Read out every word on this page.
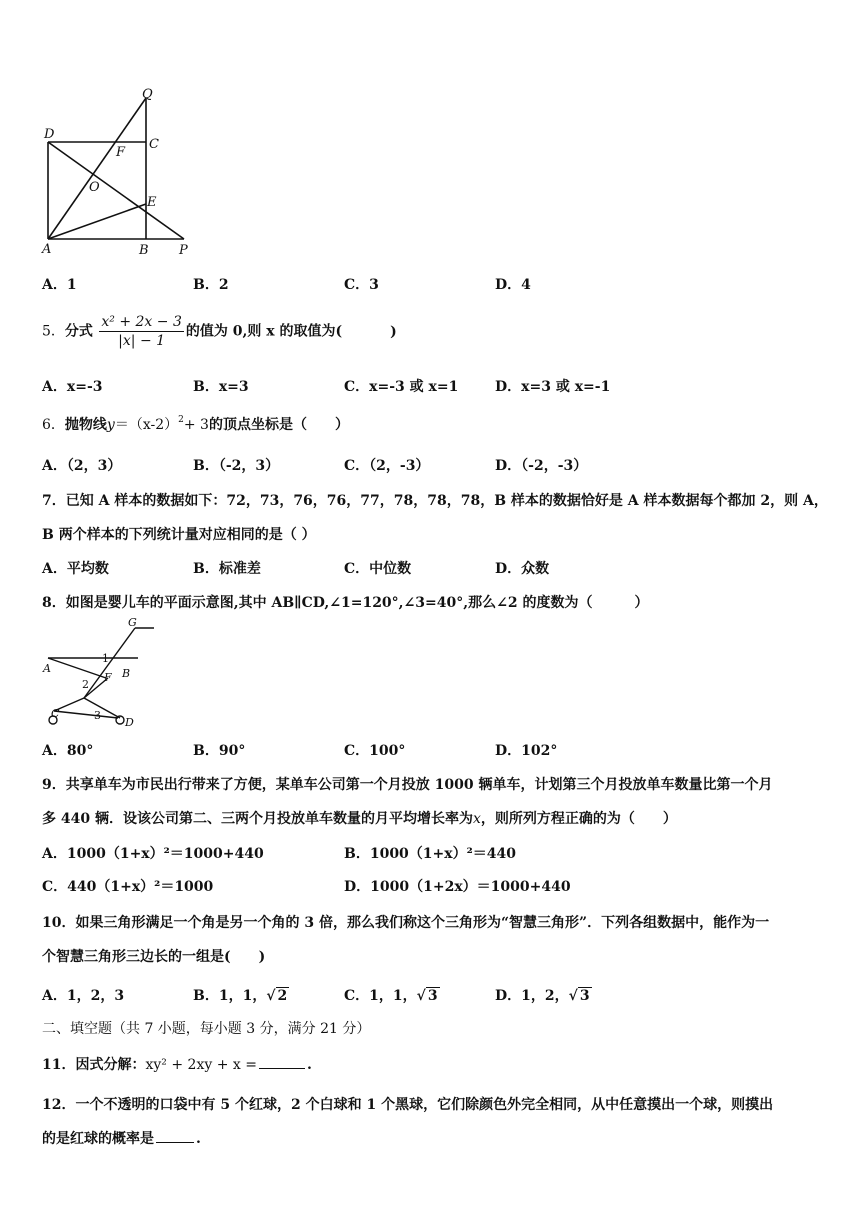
Q
D
C
F
O
E
A	B P
A．1	B．2	C．3	D．4
5．分式 $\frac{\text{x² + 2x − 3}}{|x| - 1}$ 的值为 0,则 x 的取值为(	)
A．x=-3	B．x=3	C．x=-3 或 x=1	D．x=3 或 x=-1
6．抛物线$y=(x-2)^2+ 3$的顶点坐标是（　　）
A．（2，3）	B．（-2，3）	C．（2，-3）	D．（-2，-3）
7．已知 A 样本的数据如下：72，73，76，76，77，78，78，78，B 样本的数据恰好是 A 样本数据每个都加 2，则 A，
B 两个样本的下列统计量对应相同的是（ ）
A．平均数	B．标准差	C．中位数	D．众数
8．如图是婴儿车的平面示意图,其中 AB∥CD,∠1=120°,∠3=40°,那么∠2 的度数为（　　　）
G
A
1
B
2
F
C	3
D
A．80°	B．90°	C．100°	D．102°
9．共享单车为市民出行带来了方便，某单车公司第一个月投放 1000 辆单车，计划第三个月投放单车数量比第一个月
多 440 辆．设该公司第二、三两个月投放单车数量的月平均增长率为x，则所列方程正确的为（　　）
A．1000（1+x）²＝1000+440	B．1000（1+x）²＝440
C．440（1+x）²＝1000	D．1000（1+2x）＝1000+440
10．如果三角形满足一个角是另一个角的 3 倍，那么我们称这个三角形为“智慧三角形”．下列各组数据中，能作为一
个智慧三角形三边长的一组是(　　)
A．1，2，3	B．1，1，√ 2	C．1，1，√ 3	D．1，2，√ 3
二、填空题（共 7 小题，每小题 3 分，满分 21 分）
11．因式分解：xy² + 2xy + x =	.
12．一个不透明的口袋中有 5 个红球，2 个白球和 1 个黑球，它们除颜色外完全相同，从中任意摸出一个球，则摸出
的是红球的概率是	.
